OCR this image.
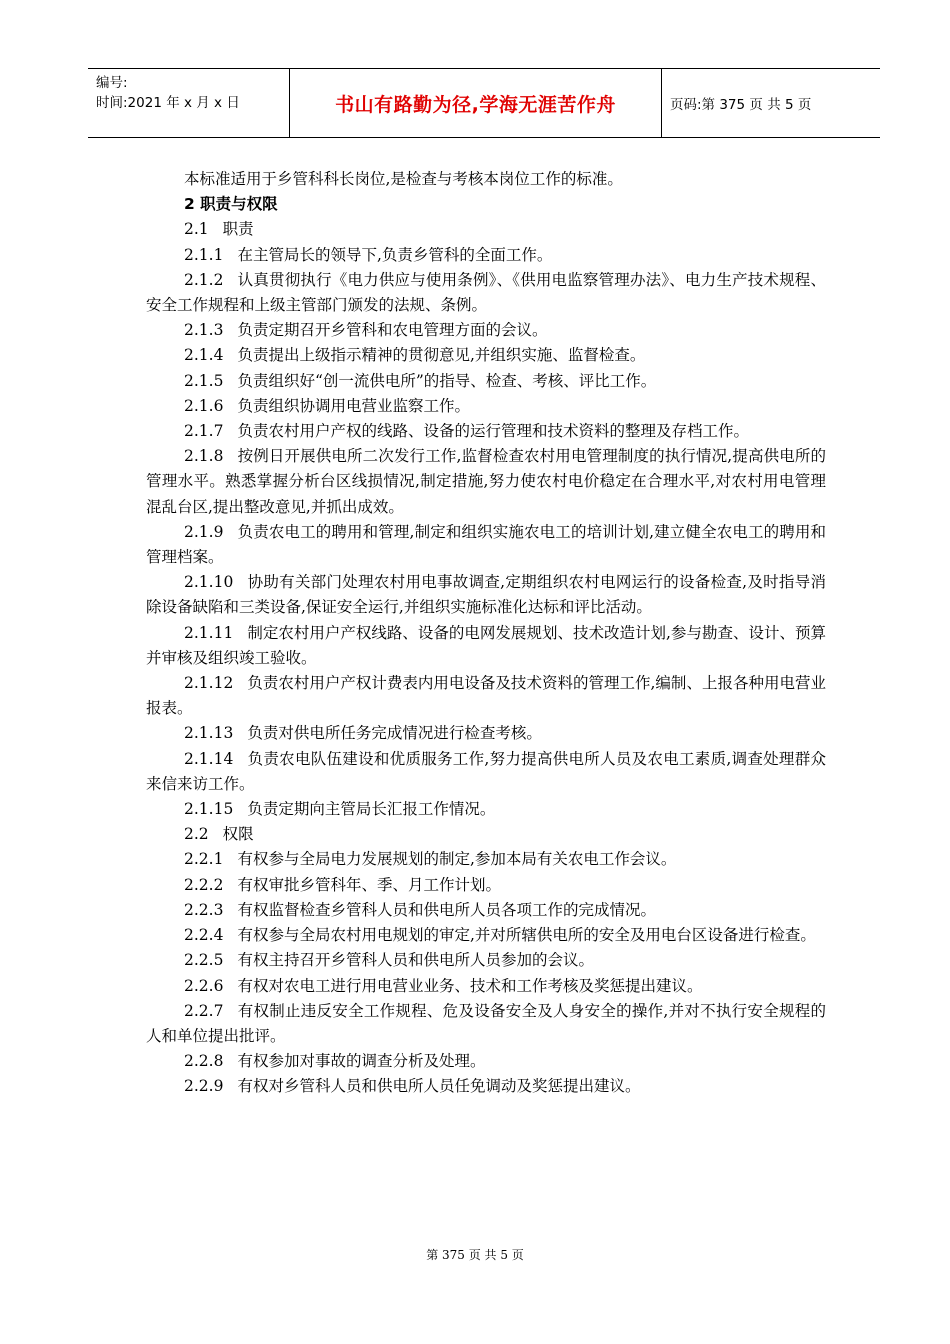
编号:
时间:2021 年 x 月 x 日	书山有路勤为径,学海无涯苦作舟	页码:第 375 页 共 5 页

本标准适用于乡管科科长岗位,是检查与考核本岗位工作的标准。

2 职责与权限

2.1 职责

2.1.1 在主管局长的领导下,负责乡管科的全面工作。

2.1.2 认真贯彻执行《电力供应与使用条例》、《供用电监察管理办法》、电力生产技术规程、安全工作规程和上级主管部门颁发的法规、条例。

2.1.3 负责定期召开乡管科和农电管理方面的会议。

2.1.4 负责提出上级指示精神的贯彻意见,并组织实施、监督检查。

2.1.5 负责组织好“创一流供电所”的指导、检查、考核、评比工作。

2.1.6 负责组织协调用电营业监察工作。

2.1.7 负责农村用户产权的线路、设备的运行管理和技术资料的整理及存档工作。

2.1.8 按例日开展供电所二次发行工作,监督检查农村用电管理制度的执行情况,提高供电所的管理水平。熟悉掌握分析台区线损情况,制定措施,努力使农村电价稳定在合理水平,对农村用电管理混乱台区,提出整改意见,并抓出成效。

2.1.9 负责农电工的聘用和管理,制定和组织实施农电工的培训计划,建立健全农电工的聘用和管理档案。

2.1.10 协助有关部门处理农村用电事故调查,定期组织农村电网运行的设备检查,及时指导消除设备缺陷和三类设备,保证安全运行,并组织实施标准化达标和评比活动。

2.1.11 制定农村用户产权线路、设备的电网发展规划、技术改造计划,参与勘查、设计、预算并审核及组织竣工验收。

2.1.12 负责农村用户产权计费表内用电设备及技术资料的管理工作,编制、上报各种用电营业报表。

2.1.13 负责对供电所任务完成情况进行检查考核。

2.1.14 负责农电队伍建设和优质服务工作,努力提高供电所人员及农电工素质,调查处理群众来信来访工作。

2.1.15 负责定期向主管局长汇报工作情况。

2.2 权限

2.2.1 有权参与全局电力发展规划的制定,参加本局有关农电工作会议。

2.2.2 有权审批乡管科年、季、月工作计划。

2.2.3 有权监督检查乡管科人员和供电所人员各项工作的完成情况。

2.2.4 有权参与全局农村用电规划的审定,并对所辖供电所的安全及用电台区设备进行检查。

2.2.5 有权主持召开乡管科人员和供电所人员参加的会议。

2.2.6 有权对农电工进行用电营业业务、技术和工作考核及奖惩提出建议。

2.2.7 有权制止违反安全工作规程、危及设备安全及人身安全的操作,并对不执行安全规程的人和单位提出批评。

2.2.8 有权参加对事故的调查分析及处理。

2.2.9 有权对乡管科人员和供电所人员任免调动及奖惩提出建议。

第 375 页 共 5 页
